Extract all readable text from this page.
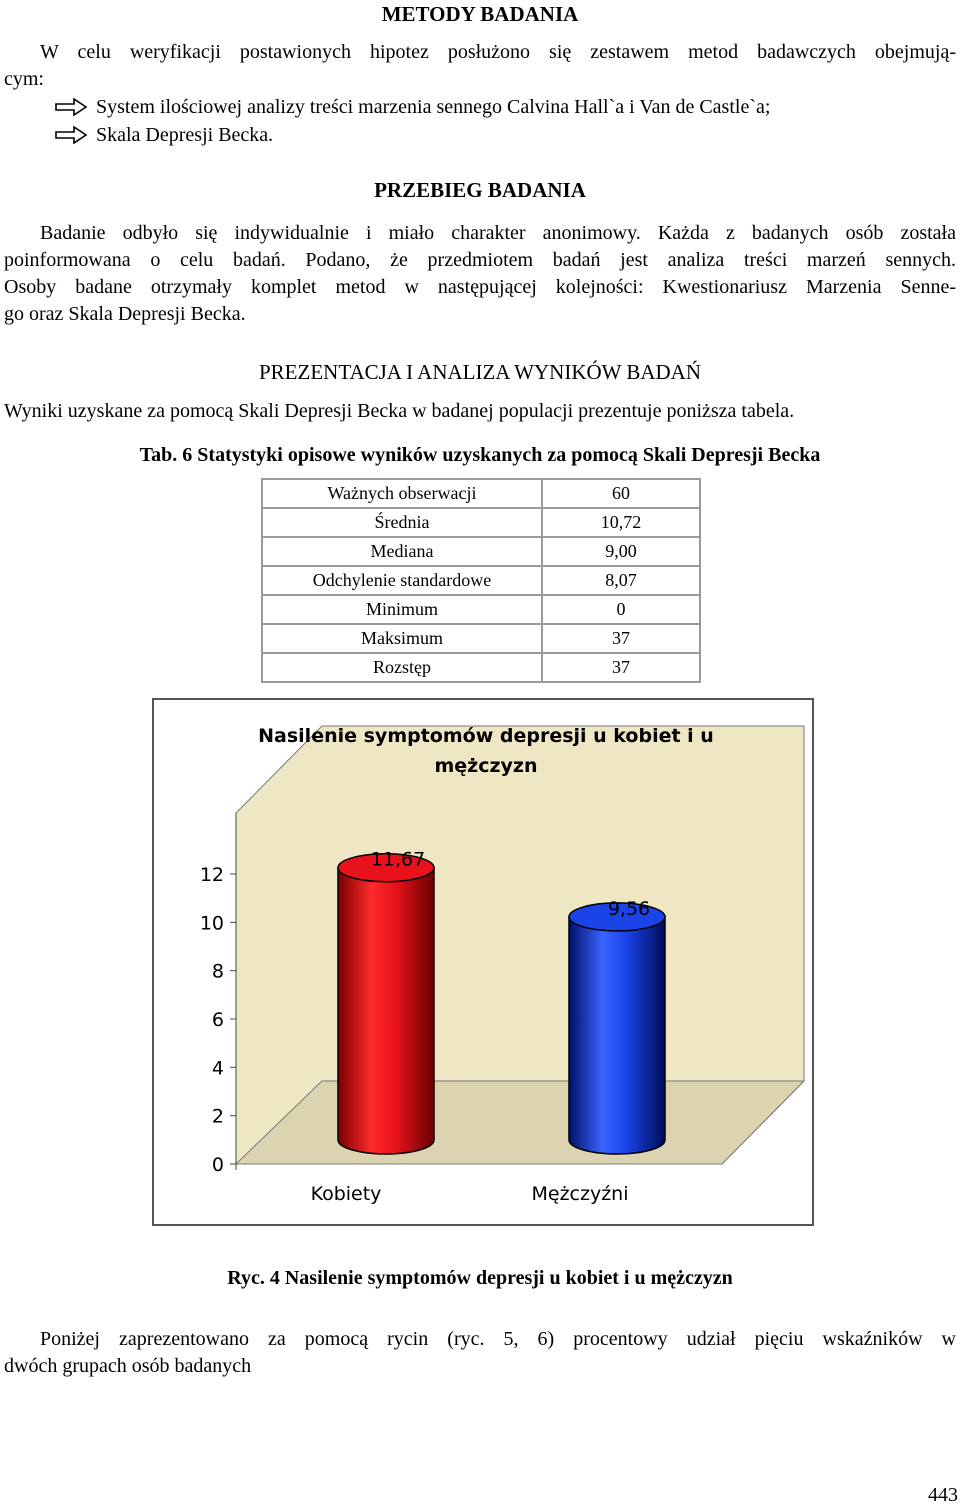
METODY BADANIA
W celu weryfikacji postawionych hipotez posłużono się zestawem metod badawczych obejmują-
cym:
System ilościowej analizy treści marzenia sennego Calvina Hall`a i Van de Castle`a;
Skala Depresji Becka.
PRZEBIEG BADANIA
Badanie odbyło się indywidualnie i miało charakter anonimowy. Każda z badanych osób została
poinformowana o celu badań. Podano, że przedmiotem badań jest analiza treści marzeń sennych.
Osoby badane otrzymały komplet metod w następującej kolejności: Kwestionariusz Marzenia Senne-
go oraz Skala Depresji Becka.
PREZENTACJA I ANALIZA WYNIKÓW BADAŃ
Wyniki uzyskane za pomocą Skali Depresji Becka w badanej populacji prezentuje poniższa tabela.
Tab. 6 Statystyki opisowe wyników uzyskanych za pomocą Skali Depresji Becka
Ważnych obserwacji	60
Średnia	10,72
Mediana	9,00
Odchylenie standardowe	8,07
Minimum	0
Maksimum	37
Rozstęp	37
Nasilenie symptomów depresji u kobiet i u
mężczyzn
0
2
4
6
8
10
12
11,67
9,56
Kobiety	Mężczyźni
Ryc. 4 Nasilenie symptomów depresji u kobiet i u mężczyzn
Poniżej zaprezentowano za pomocą rycin (ryc. 5, 6) procentowy udział pięciu wskaźników w
dwóch grupach osób badanych
443
